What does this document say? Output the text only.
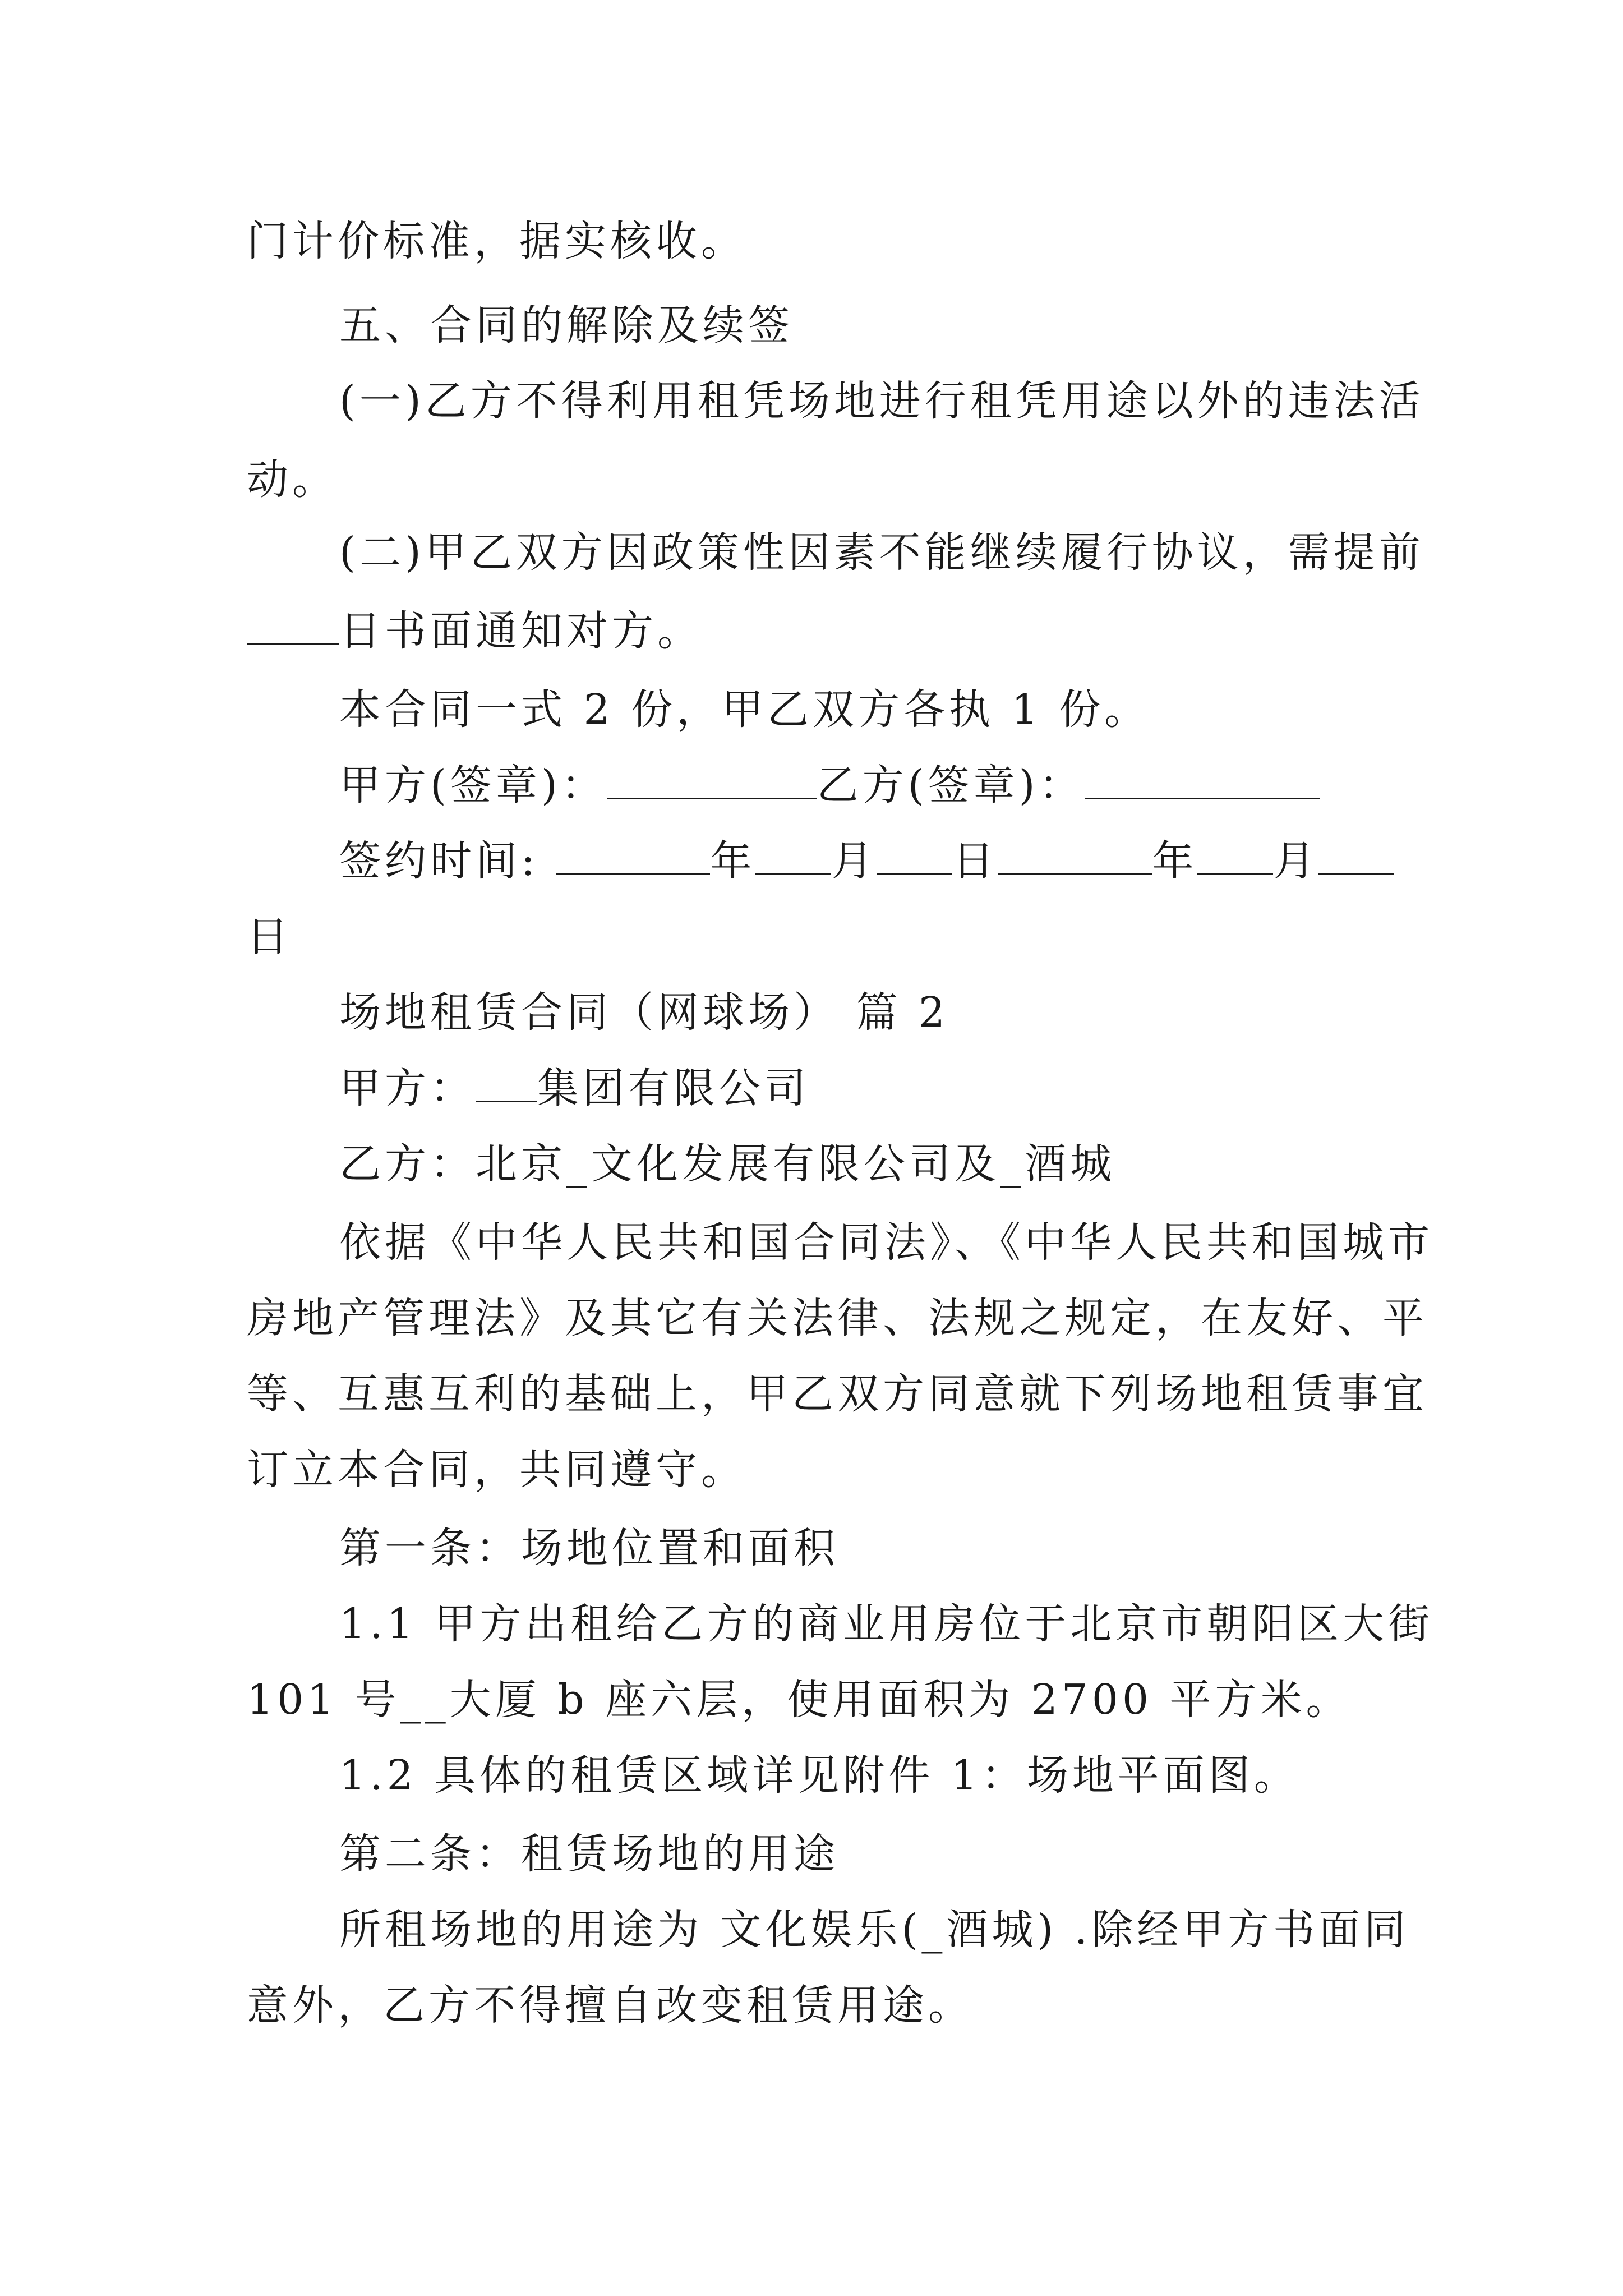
门计价标准，据实核收。
五、合同的解除及续签
(一)乙方不得利用租凭场地进行租凭用途以外的违法活
动。
(二)甲乙双方因政策性因素不能继续履行协议，需提前
日书面通知对方。
本合同一式 2 份，甲乙双方各执 1 份。
甲方(签章)：	乙方(签章)：
签约时间:	年 月 日	年 月
日
场地租赁合同（网球场） 篇 2
甲方： 集团有限公司
乙方：北京_文化发展有限公司及_酒城
依据《中华人民共和国合同法》、《中华人民共和国城市
房地产管理法》及其它有关法律、法规之规定，在友好、平
等、互惠互利的基础上，甲乙双方同意就下列场地租赁事宜
订立本合同，共同遵守。
第一条：场地位置和面积
1.1 甲方出租给乙方的商业用房位于北京市朝阳区大街
101 号__大厦 b 座六层，使用面积为 2700 平方米。
1.2 具体的租赁区域详见附件 1：场地平面图。
第二条：租赁场地的用途
所租场地的用途为 文化娱乐(_酒城) .除经甲方书面同
意外，乙方不得擅自改变租赁用途。
